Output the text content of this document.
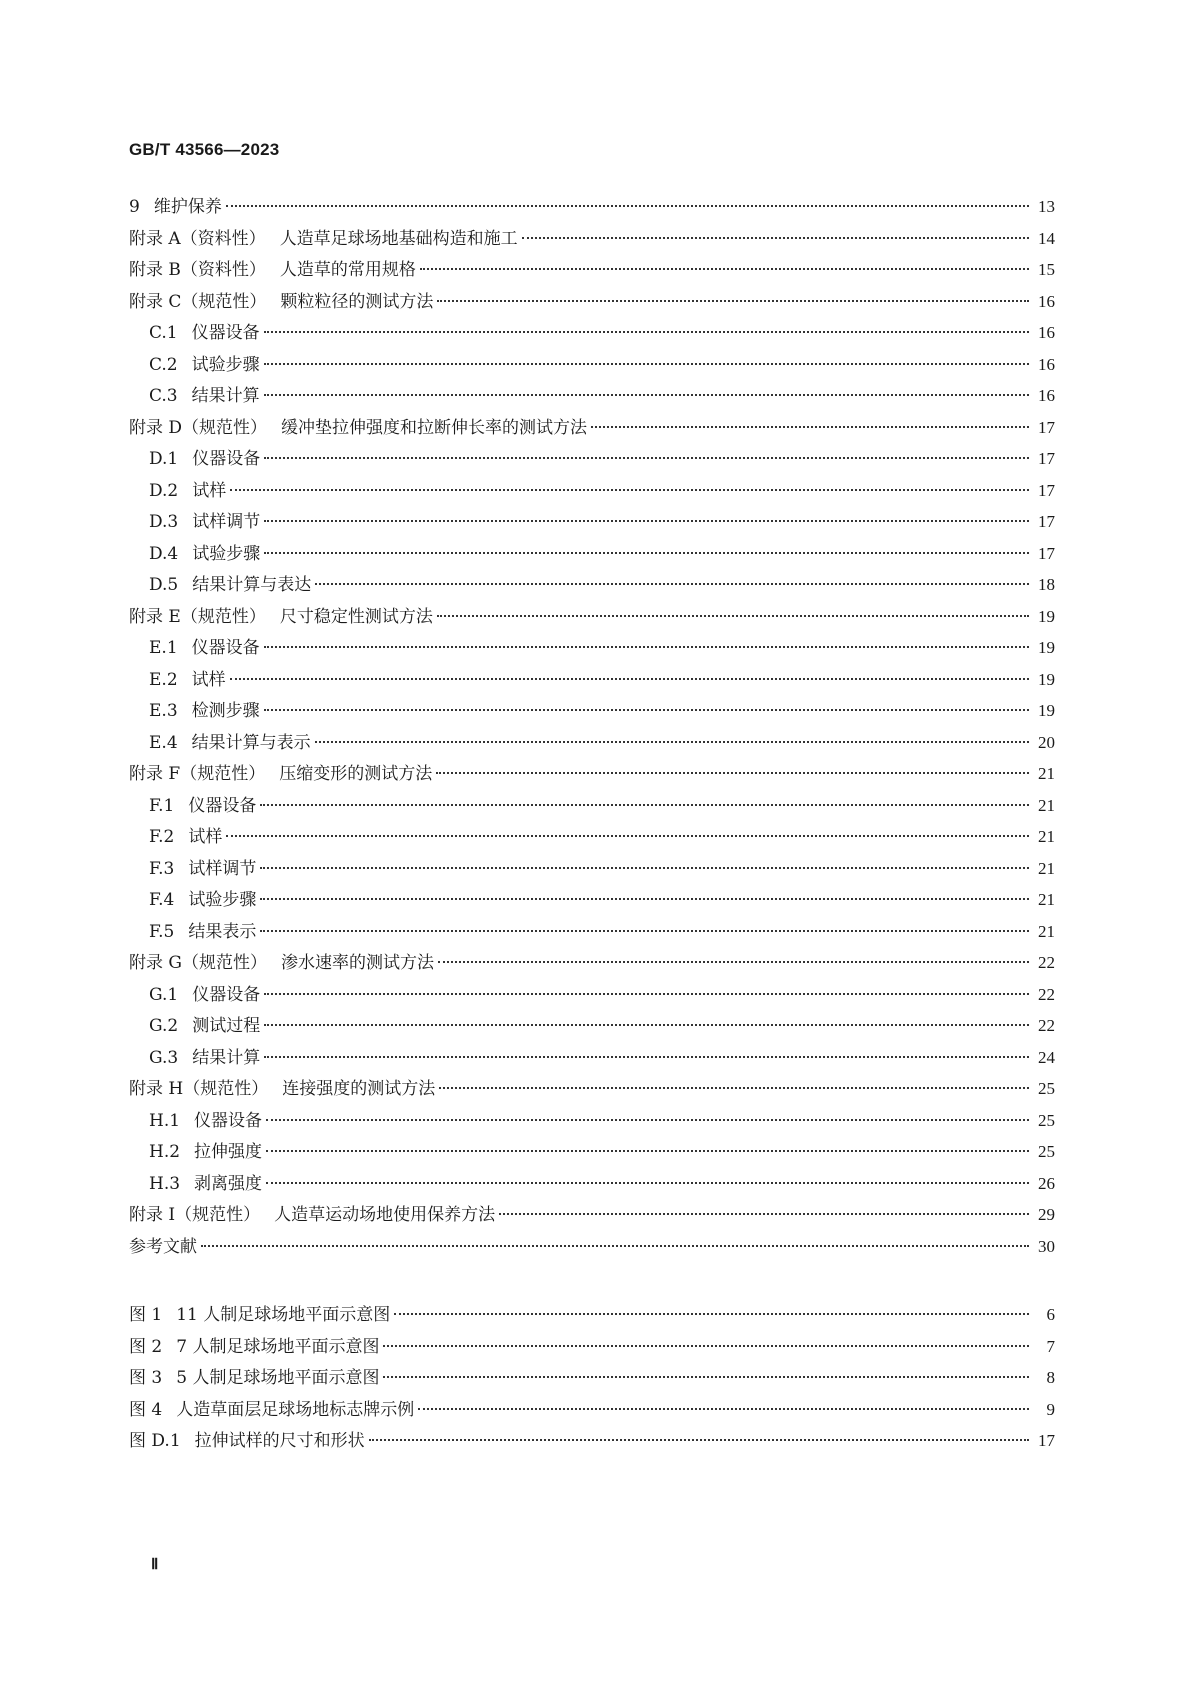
GB/T 43566—2023
9 维护保养	13
附录 A（资料性） 人造草足球场地基础构造和施工	14
附录 B（资料性） 人造草的常用规格	15
附录 C（规范性） 颗粒粒径的测试方法	16
C.1 仪器设备	16
C.2 试验步骤	16
C.3 结果计算	16
附录 D（规范性） 缓冲垫拉伸强度和拉断伸长率的测试方法	17
D.1 仪器设备	17
D.2 试样	17
D.3 试样调节	17
D.4 试验步骤	17
D.5 结果计算与表达	18
附录 E（规范性） 尺寸稳定性测试方法	19
E.1 仪器设备	19
E.2 试样	19
E.3 检测步骤	19
E.4 结果计算与表示	20
附录 F（规范性） 压缩变形的测试方法	21
F.1 仪器设备	21
F.2 试样	21
F.3 试样调节	21
F.4 试验步骤	21
F.5 结果表示	21
附录 G（规范性） 渗水速率的测试方法	22
G.1 仪器设备	22
G.2 测试过程	22
G.3 结果计算	24
附录 H（规范性） 连接强度的测试方法	25
H.1 仪器设备	25
H.2 拉伸强度	25
H.3 剥离强度	26
附录 I（规范性） 人造草运动场地使用保养方法	29
参考文献	30
图 1 11 人制足球场地平面示意图	6
图 2 7 人制足球场地平面示意图	7
图 3 5 人制足球场地平面示意图	8
图 4 人造草面层足球场地标志牌示例	9
图 D.1 拉伸试样的尺寸和形状	17
Ⅱ
